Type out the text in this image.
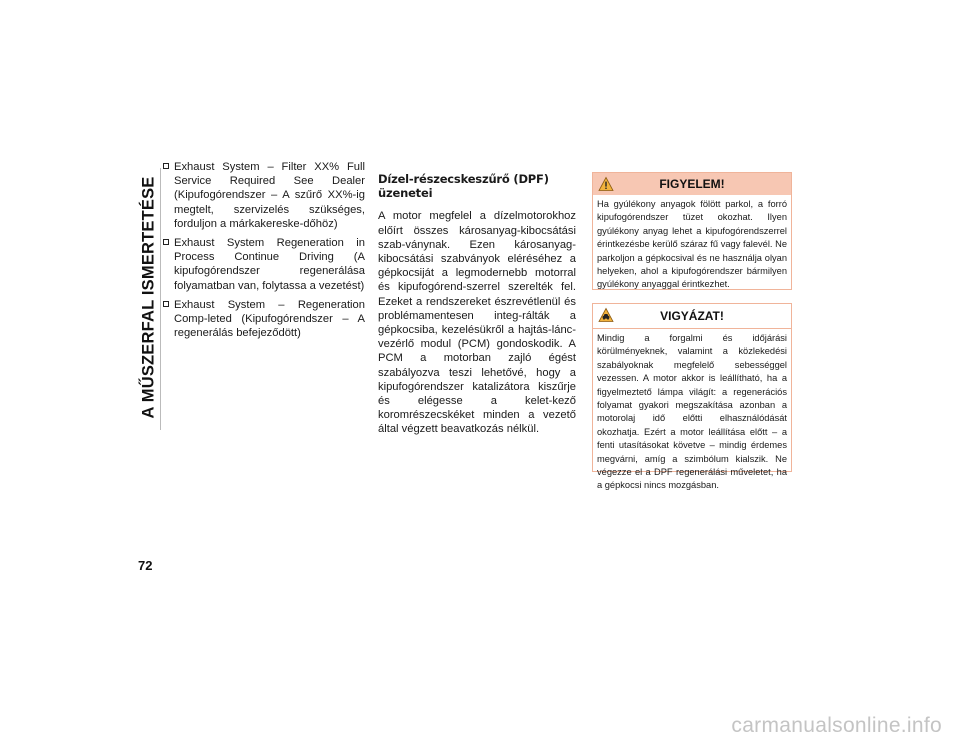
A MŰSZERFAL ISMERTETÉSE
72
Exhaust System – Filter XX% Full Service Required See Dealer (Kipufogórendszer – A szűrő XX%-ig megtelt, szervizelés szükséges, forduljon a márkakereske-dőhöz)
Exhaust System Regeneration in Process Continue Driving (A kipufogórendszer regenerálása folyamatban van, folytassa a vezetést)
Exhaust System – Regeneration Comp-leted (Kipufogórendszer – A regenerálás befejeződött)
Dízel-részecskeszűrő (DPF) üzenetei

A motor megfelel a dízelmotorokhoz előírt összes károsanyag-kibocsátási szab-ványnak. Ezen károsanyag-kibocsátási szabványok eléréséhez a gépkocsiját a legmodernebb motorral és kipufogórend-szerrel szerelték fel. Ezeket a rendszereket észrevétlenül és problémamentesen integ-rálták a gépkocsiba, kezelésükről a hajtás-lánc-vezérlő modul (PCM) gondoskodik. A PCM a motorban zajló égést szabályozva teszi lehetővé, hogy a kipufogórendszer katalizátora kiszűrje és elégesse a kelet-kező koromrészecskéket minden a vezető által végzett beavatkozás nélkül.

FIGYELEM!
Ha gyúlékony anyagok fölött parkol, a forró kipufogórendszer tüzet okozhat. Ilyen gyúlékony anyag lehet a kipufogórendszerrel érintkezésbe kerülő száraz fű vagy falevél. Ne parkoljon a gépkocsival és ne használja olyan helyeken, ahol a kipufogórendszer bármilyen gyúlékony anyaggal érintkezhet.
VIGYÁZAT!
Mindig a forgalmi és időjárási körülményeknek, valamint a közlekedési szabályoknak megfelelő sebességgel vezessen. A motor akkor is leállítható, ha a figyelmeztető lámpa világít: a regenerációs folyamat gyakori megszakítása azonban a motorolaj idő előtti elhasználódását okozhatja. Ezért a motor leállítása előtt – a fenti utasításokat követve – mindig érdemes megvárni, amíg a szimbólum kialszik. Ne végezze el a DPF regenerálási műveletet, ha a gépkocsi nincs mozgásban.
carmanualsonline.info
